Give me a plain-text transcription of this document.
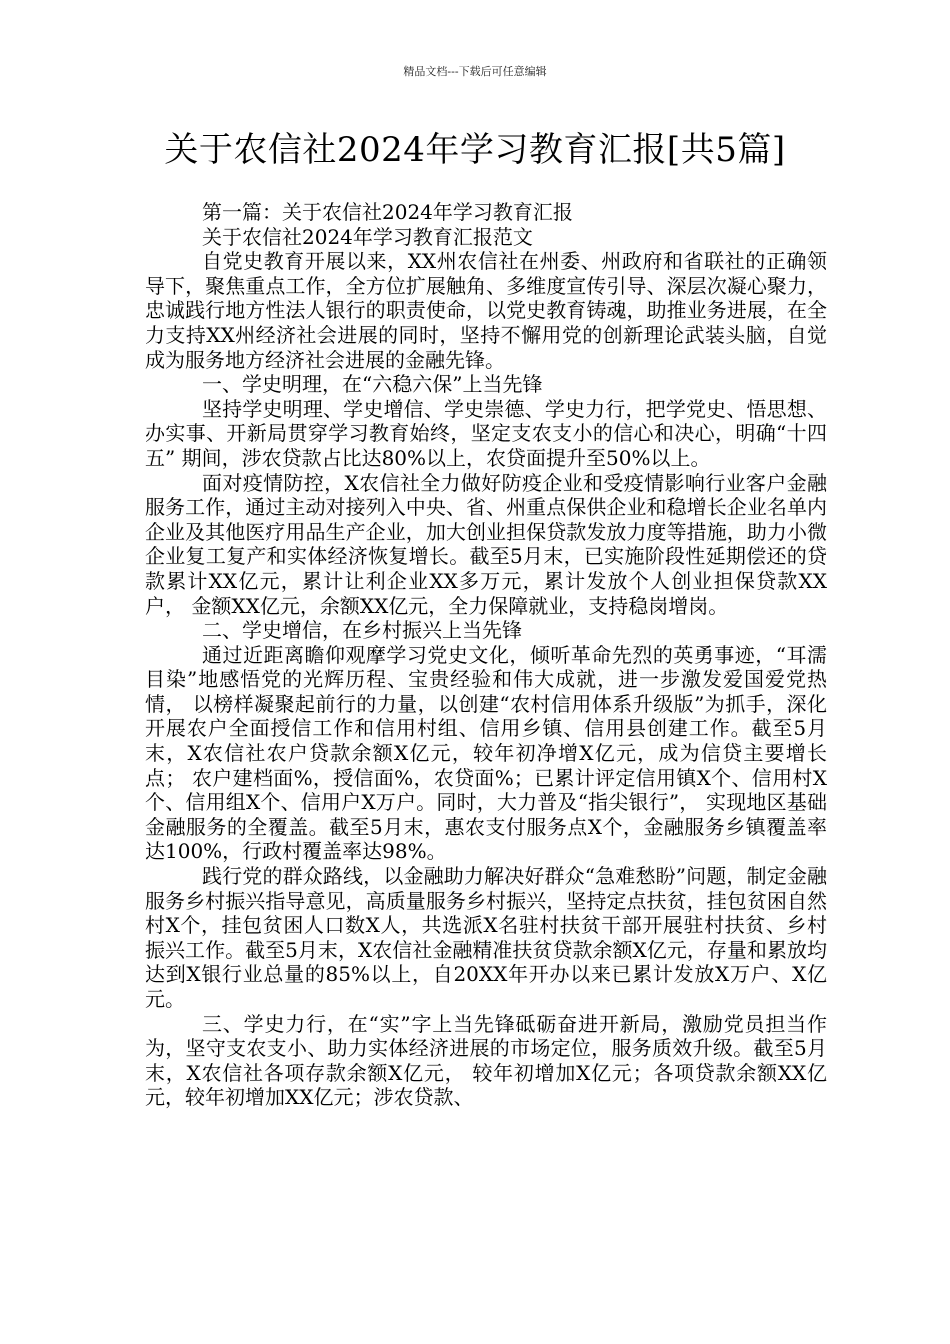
精品文档---下载后可任意编辑
关于农信社2024年学习教育汇报[共5篇]

第一篇：关于农信社2024年学习教育汇报

关于农信社2024年学习教育汇报范文

自党史教育开展以来，XX州农信社在州委、州政府和省联社的正确领导下，聚焦重点工作，全方位扩展触角、多维度宣传引导、深层次凝心聚力，忠诚践行地方性法人银行的职责使命，以党史教育铸魂，助推业务进展，在全力支持XX州经济社会进展的同时，坚持不懈用党的创新理论武装头脑，自觉成为服务地方经济社会进展的金融先锋。

一、学史明理，在“六稳六保”上当先锋

坚持学史明理、学史增信、学史崇德、学史力行，把学党史、悟思想、办实事、开新局贯穿学习教育始终，坚定支农支小的信心和决心，明确“十四五” 期间，涉农贷款占比达80%以上，农贷面提升至50%以上。

面对疫情防控，X农信社全力做好防疫企业和受疫情影响行业客户金融服务工作，通过主动对接列入中央、省、州重点保供企业和稳增长企业名单内企业及其他医疗用品生产企业，加大创业担保贷款发放力度等措施，助力小微企业复工复产和实体经济恢复增长。截至5月末，已实施阶段性延期偿还的贷款累计XX亿元，累计让利企业XX多万元，累计发放个人创业担保贷款XX户， 金额XX亿元，余额XX亿元，全力保障就业，支持稳岗增岗。

二、学史增信，在乡村振兴上当先锋

通过近距离瞻仰观摩学习党史文化，倾听革命先烈的英勇事迹，“耳濡目染”地感悟党的光辉历程、宝贵经验和伟大成就，进一步激发爱国爱党热情， 以榜样凝聚起前行的力量，以创建“农村信用体系升级版”为抓手，深化开展农户全面授信工作和信用村组、信用乡镇、信用县创建工作。截至5月末，X农信社农户贷款余额X亿元，较年初净增X亿元，成为信贷主要增长点； 农户建档面%，授信面%，农贷面%；已累计评定信用镇X个、信用村X个、信用组X个、信用户X万户。同时，大力普及“指尖银行”， 实现地区基础金融服务的全覆盖。截至5月末，惠农支付服务点X个，金融服务乡镇覆盖率达100%，行政村覆盖率达98%。

践行党的群众路线，以金融助力解决好群众“急难愁盼”问题，制定金融服务乡村振兴指导意见，高质量服务乡村振兴，坚持定点扶贫，挂包贫困自然村X个，挂包贫困人口数X人，共选派X名驻村扶贫干部开展驻村扶贫、乡村振兴工作。截至5月末，X农信社金融精准扶贫贷款余额X亿元，存量和累放均达到X银行业总量的85%以上，自20XX年开办以来已累计发放X万户、X亿元。

三、学史力行，在“实”字上当先锋砥砺奋进开新局，激励党员担当作为，坚守支农支小、助力实体经济进展的市场定位，服务质效升级。截至5月末，X农信社各项存款余额X亿元， 较年初增加X亿元；各项贷款余额XX亿元，较年初增加XX亿元；涉农贷款、
